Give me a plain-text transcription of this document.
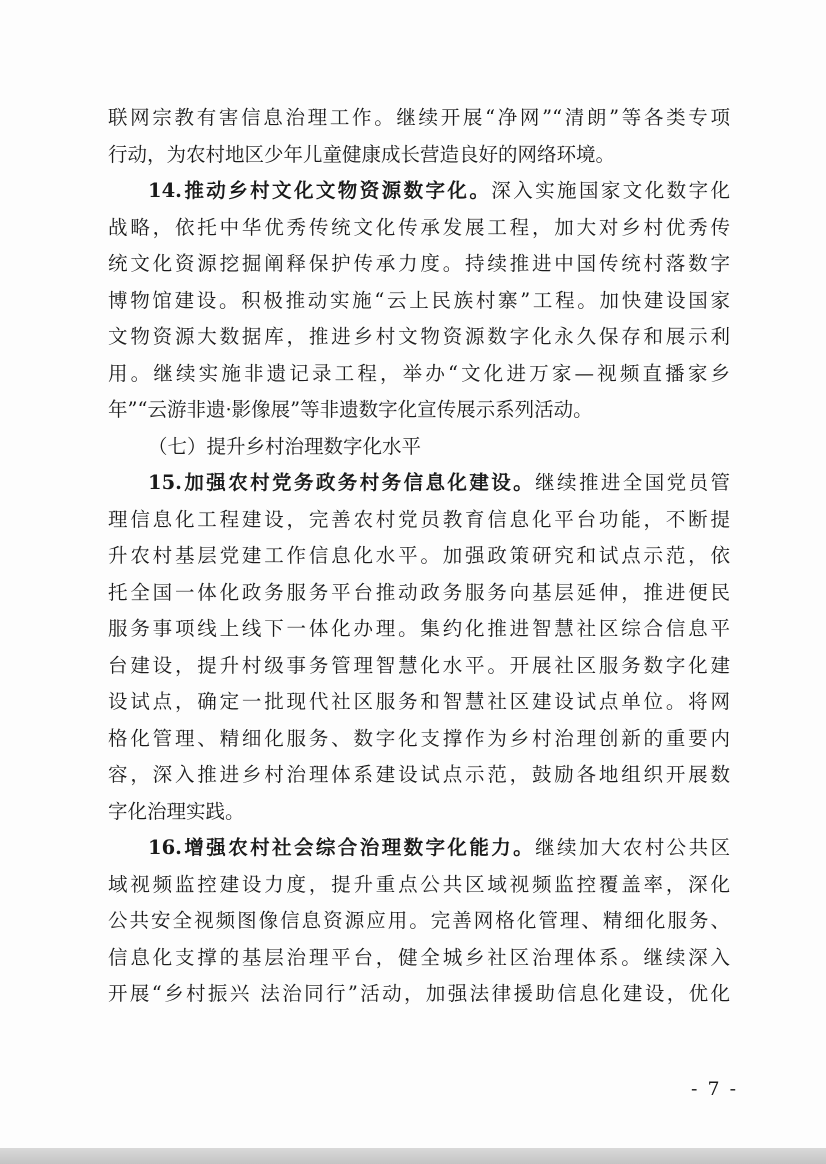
联网宗教有害信息治理工作。继续开展“净网”“清朗”等各类专项

行动，为农村地区少年儿童健康成长营造良好的网络环境。

14.推动乡村文化文物资源数字化。深入实施国家文化数字化

战略，依托中华优秀传统文化传承发展工程，加大对乡村优秀传

统文化资源挖掘阐释保护传承力度。持续推进中国传统村落数字

博物馆建设。积极推动实施“云上民族村寨”工程。加快建设国家

文物资源大数据库，推进乡村文物资源数字化永久保存和展示利

用。继续实施非遗记录工程，举办“文化进万家—视频直播家乡

年”“云游非遗·影像展”等非遗数字化宣传展示系列活动。

（七）提升乡村治理数字化水平

15.加强农村党务政务村务信息化建设。继续推进全国党员管

理信息化工程建设，完善农村党员教育信息化平台功能，不断提

升农村基层党建工作信息化水平。加强政策研究和试点示范，依

托全国一体化政务服务平台推动政务服务向基层延伸，推进便民

服务事项线上线下一体化办理。集约化推进智慧社区综合信息平

台建设，提升村级事务管理智慧化水平。开展社区服务数字化建

设试点，确定一批现代社区服务和智慧社区建设试点单位。将网

格化管理、精细化服务、数字化支撑作为乡村治理创新的重要内

容，深入推进乡村治理体系建设试点示范，鼓励各地组织开展数

字化治理实践。

16.增强农村社会综合治理数字化能力。继续加大农村公共区

域视频监控建设力度，提升重点公共区域视频监控覆盖率，深化

公共安全视频图像信息资源应用。完善网格化管理、精细化服务、

信息化支撑的基层治理平台，健全城乡社区治理体系。继续深入

开展“乡村振兴 法治同行”活动，加强法律援助信息化建设，优化

- 7 -
